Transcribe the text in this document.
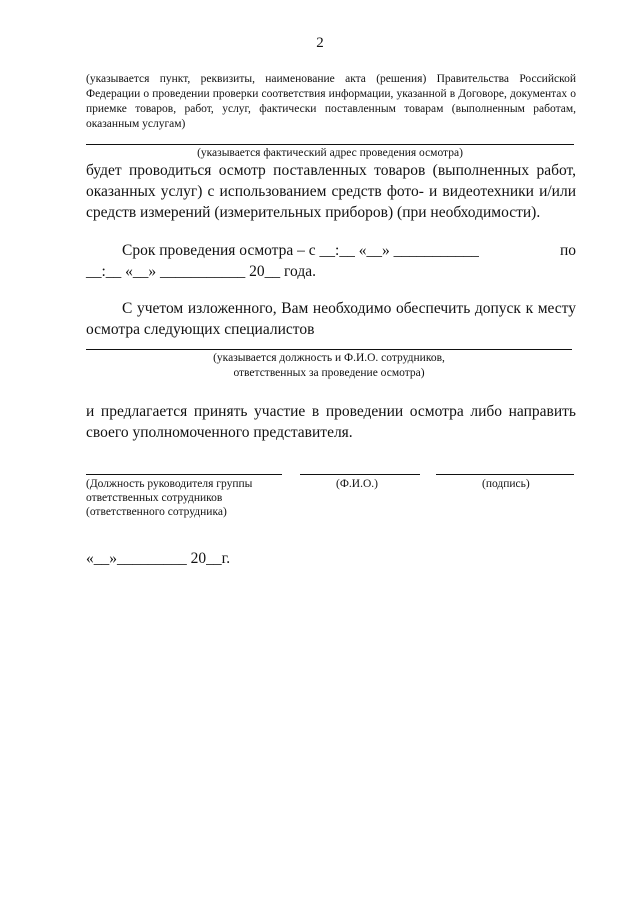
2
(указывается пункт, реквизиты, наименование акта (решения) Правительства Российской Федерации о проведении проверки соответствия информации, указанной в Договоре, документах о приемке товаров, работ, услуг, фактически поставленным товарам (выполненным работам, оказанным услугам)
(указывается фактический адрес проведения осмотра)
будет проводиться осмотр поставленных товаров (выполненных работ, оказанных услуг) с использованием средств фото- и видеотехники и/или средств измерений (измерительных приборов) (при необходимости).
Срок проведения осмотра – с __:__ «__» ___________	по
__:__ «__» ___________ 20__ года.
С учетом изложенного, Вам необходимо обеспечить допуск к месту осмотра следующих специалистов
(указывается должность и Ф.И.О. сотрудников,
ответственных за проведение осмотра)
и предлагается принять участие в проведении осмотра либо направить своего уполномоченного представителя.
(Должность руководителя группы
ответственных сотрудников
(ответственного сотрудника)
(Ф.И.О.)	(подпись)
«__»_________ 20__г.
